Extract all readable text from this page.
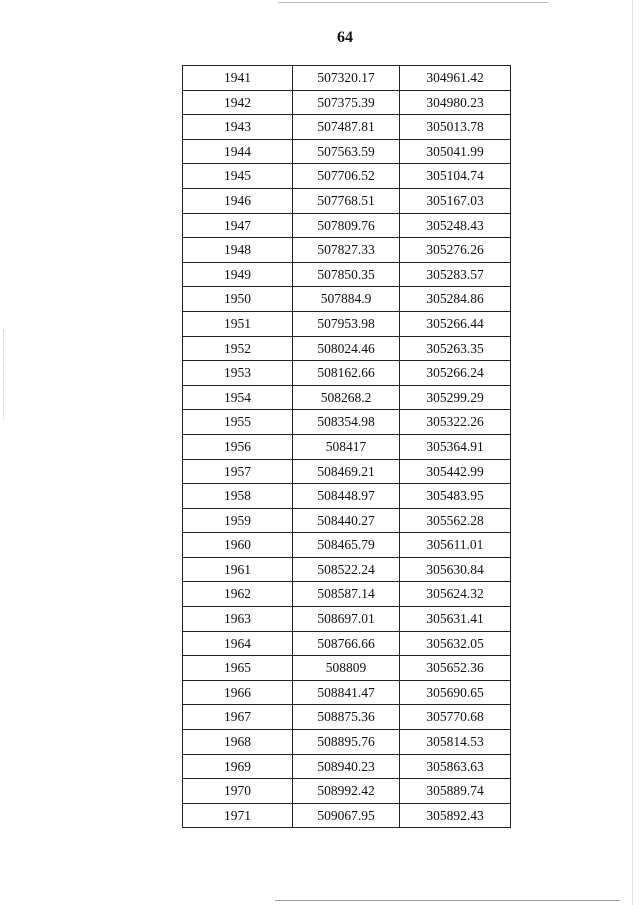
64
1941	507320.17	304961.42
1942	507375.39	304980.23
1943	507487.81	305013.78
1944	507563.59	305041.99
1945	507706.52	305104.74
1946	507768.51	305167.03
1947	507809.76	305248.43
1948	507827.33	305276.26
1949	507850.35	305283.57
1950	507884.9	305284.86
1951	507953.98	305266.44
1952	508024.46	305263.35
1953	508162.66	305266.24
1954	508268.2	305299.29
1955	508354.98	305322.26
1956	508417	305364.91
1957	508469.21	305442.99
1958	508448.97	305483.95
1959	508440.27	305562.28
1960	508465.79	305611.01
1961	508522.24	305630.84
1962	508587.14	305624.32
1963	508697.01	305631.41
1964	508766.66	305632.05
1965	508809	305652.36
1966	508841.47	305690.65
1967	508875.36	305770.68
1968	508895.76	305814.53
1969	508940.23	305863.63
1970	508992.42	305889.74
1971	509067.95	305892.43
